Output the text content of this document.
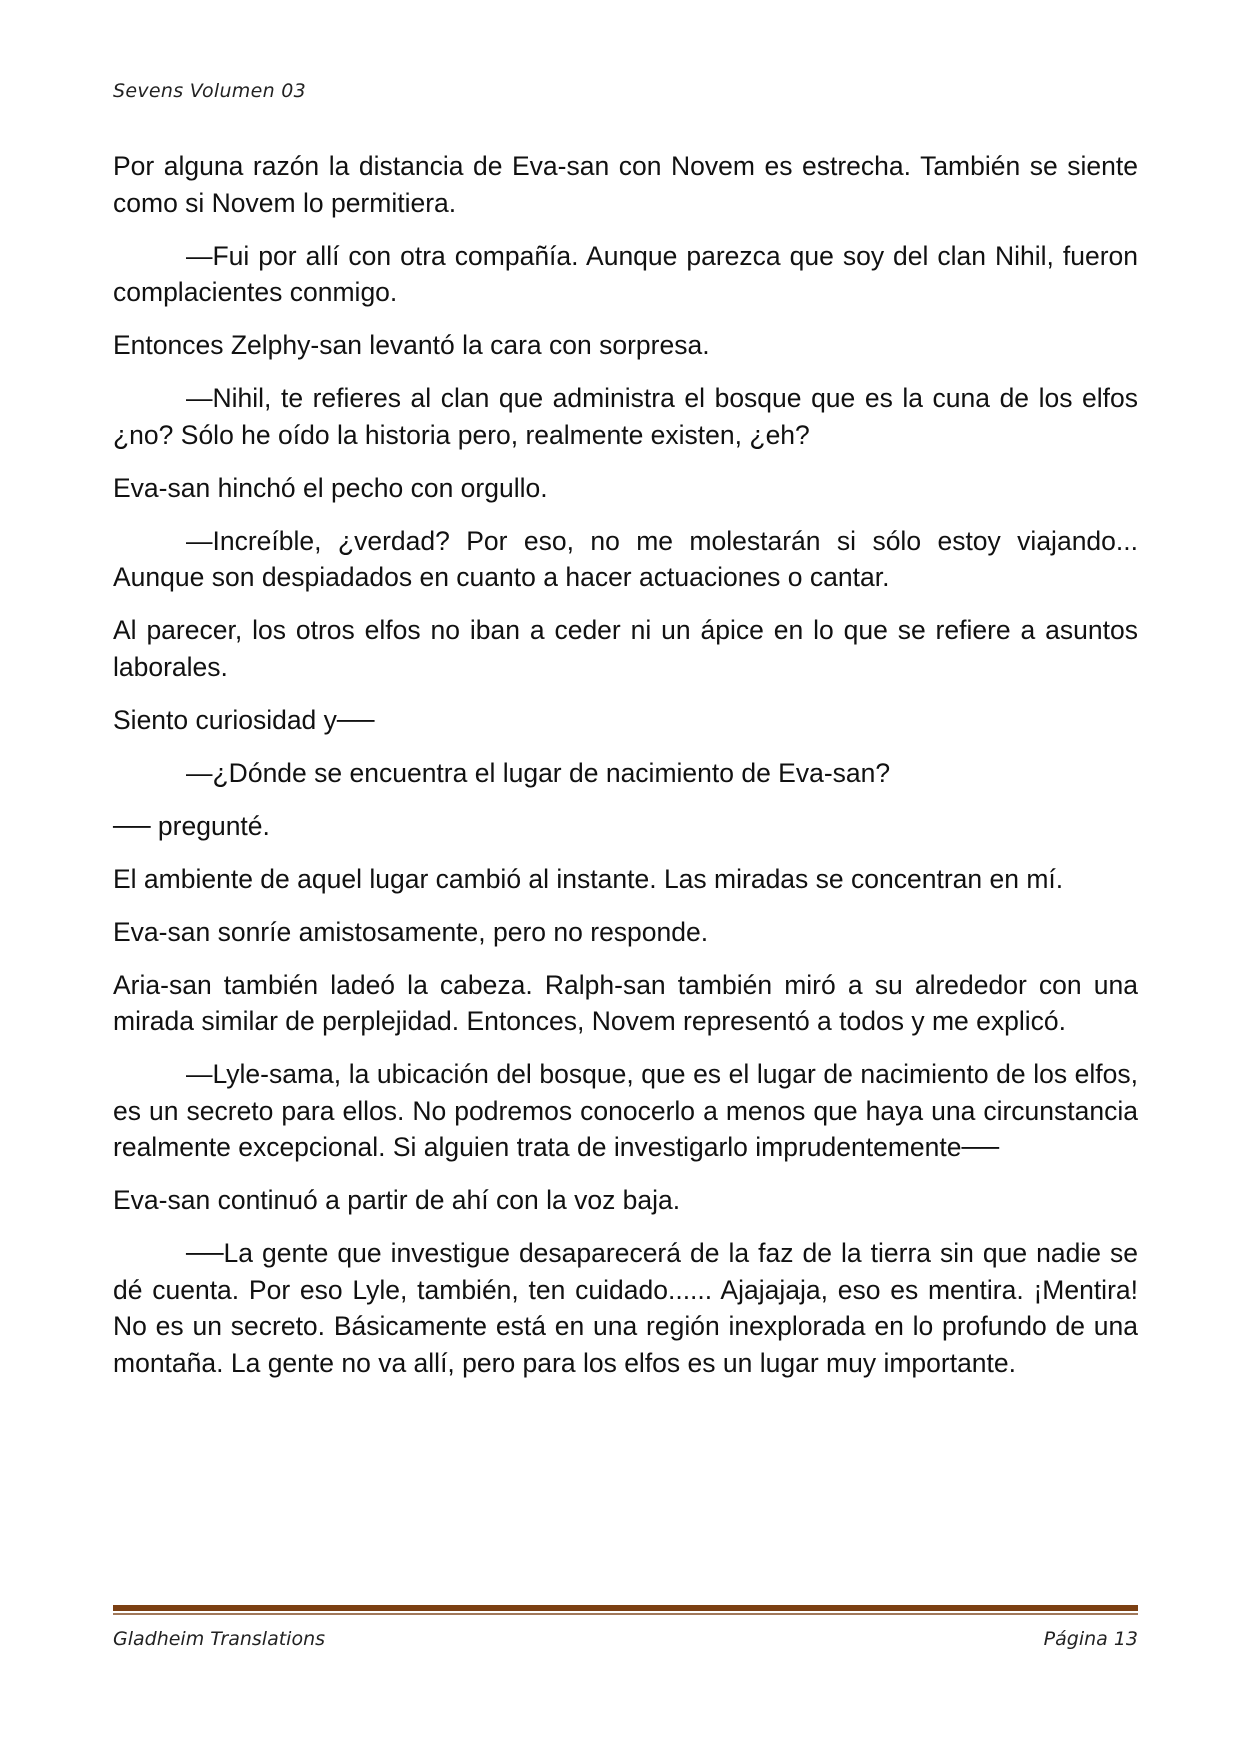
Sevens Volumen 03

Por alguna razón la distancia de Eva-san con Novem es estrecha. También se siente como si Novem lo permitiera.

—Fui por allí con otra compañía. Aunque parezca que soy del clan Nihil, fueron complacientes conmigo.

Entonces Zelphy-san levantó la cara con sorpresa.

—Nihil, te refieres al clan que administra el bosque que es la cuna de los elfos ¿no? Sólo he oído la historia pero, realmente existen, ¿eh?

Eva-san hinchó el pecho con orgullo.

—Increíble, ¿verdad? Por eso, no me molestarán si sólo estoy viajando... Aunque son despiadados en cuanto a hacer actuaciones o cantar.

Al parecer, los otros elfos no iban a ceder ni un ápice en lo que se refiere a asuntos laborales.

Siento curiosidad y──

—¿Dónde se encuentra el lugar de nacimiento de Eva-san?

── pregunté.

El ambiente de aquel lugar cambió al instante. Las miradas se concentran en mí.

Eva-san sonríe amistosamente, pero no responde.

Aria-san también ladeó la cabeza. Ralph-san también miró a su alrededor con una mirada similar de perplejidad. Entonces, Novem representó a todos y me explicó.

—Lyle-sama, la ubicación del bosque, que es el lugar de nacimiento de los elfos, es un secreto para ellos. No podremos conocerlo a menos que haya una circunstancia realmente excepcional. Si alguien trata de investigarlo imprudentemente──

Eva-san continuó a partir de ahí con la voz baja.

──La gente que investigue desaparecerá de la faz de la tierra sin que nadie se dé cuenta. Por eso Lyle, también, ten cuidado...... Ajajajaja, eso es mentira. ¡Mentira! No es un secreto. Básicamente está en una región inexplorada en lo profundo de una montaña. La gente no va allí, pero para los elfos es un lugar muy importante.

Gladheim Translations	Página 13
